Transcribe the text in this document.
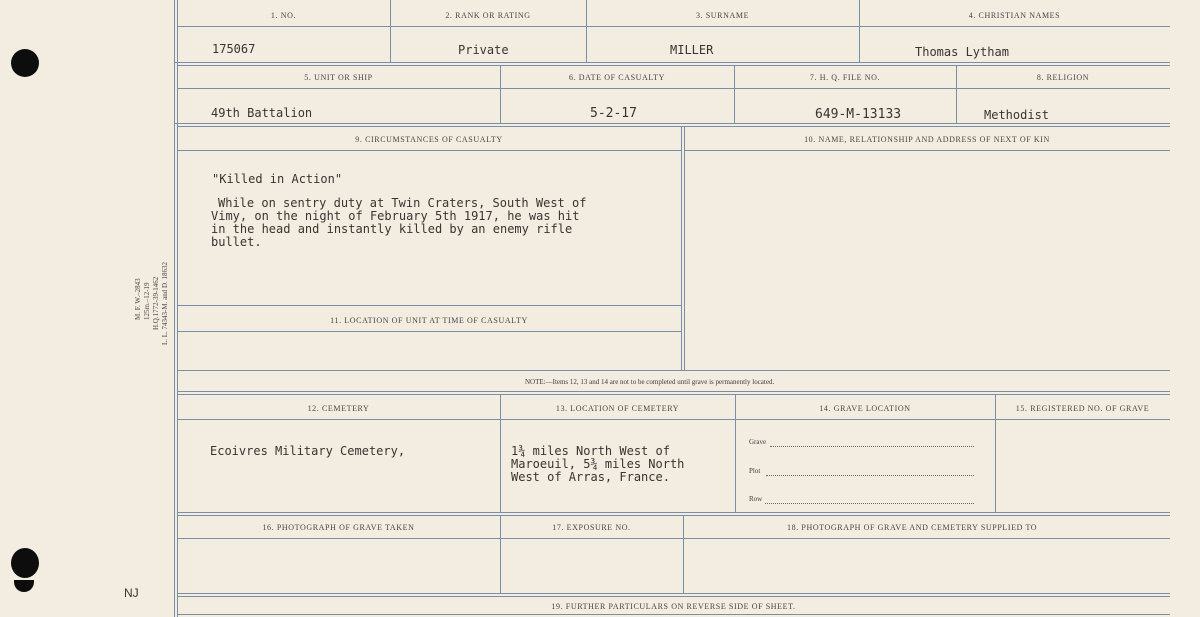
M. F. W.–2843 125m.–12-19 H.Q.1772-39-1462 L. L. 74343-M. and D. 18632
NJ
1. NO.	2. RANK OR RATING	3. SURNAME	4. CHRISTIAN NAMES
175067	Private	MILLER	Thomas Lytham
5. UNIT OR SHIP	6. DATE OF CASUALTY	7. H. Q. FILE NO.	8. RELIGION
49th Battalion	5-2-17	649-M-13133	Methodist
9. CIRCUMSTANCES OF CASUALTY	10. NAME, RELATIONSHIP AND ADDRESS OF NEXT OF KIN
"Killed in Action"
While on sentry duty at Twin Craters, South West of
Vimy, on the night of February 5th 1917, he was hit
in the head and instantly killed by an enemy rifle
bullet.
11. LOCATION OF UNIT AT TIME OF CASUALTY
NOTE:—Items 12, 13 and 14 are not to be completed until grave is permanently located.
12. CEMETERY	13. LOCATION OF CEMETERY	14. GRAVE LOCATION	15. REGISTERED NO. OF GRAVE
Ecoivres Military Cemetery,	1¾ miles North West of
Maroeuil, 5¾ miles North
West of Arras, France.
Grave
Plot
Row
16. PHOTOGRAPH OF GRAVE TAKEN	17. EXPOSURE NO.	18. PHOTOGRAPH OF GRAVE AND CEMETERY SUPPLIED TO
19. FURTHER PARTICULARS ON REVERSE SIDE OF SHEET.
